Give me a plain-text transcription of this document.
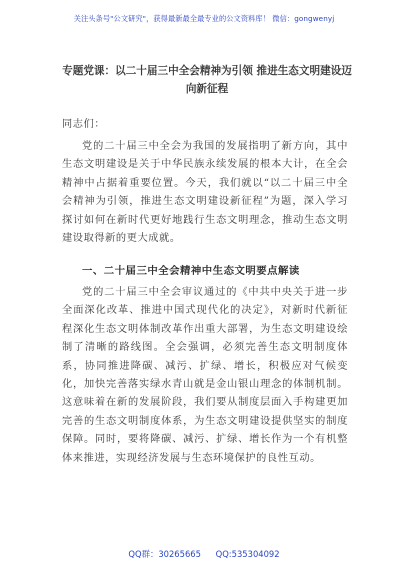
关注头条号"公文研究"，获得最新最全最专业的公文资料库！ 微信：gongwenyj
专题党课：以二十届三中全会精神为引领 推进生态文明建设迈向新征程
同志们：
党的二十届三中全会为我国的发展指明了新方向，其中生态文明建设是关于中华民族永续发展的根本大计，在全会精神中占据着重要位置。今天，我们就以“以二十届三中全会精神为引领，推进生态文明建设新征程”为题，深入学习探讨如何在新时代更好地践行生态文明理念，推动生态文明建设取得新的更大成就。
一、二十届三中全会精神中生态文明要点解读
党的二十届三中全会审议通过的《中共中央关于进一步全面深化改革、推进中国式现代化的决定》，对新时代新征程深化生态文明体制改革作出重大部署，为生态文明建设绘制了清晰的路线图。全会强调，必须完善生态文明制度体系，协同推进降碳、减污、扩绿、增长，积极应对气候变化，加快完善落实绿水青山就是金山银山理念的体制机制。这意味着在新的发展阶段，我们要从制度层面入手构建更加完善的生态文明制度体系，为生态文明建设提供坚实的制度保障。同时，要将降碳、减污、扩绿、增长作为一个有机整体来推进，实现经济发展与生态环境保护的良性互动。
QQ群：30265665 QQ:535304092
